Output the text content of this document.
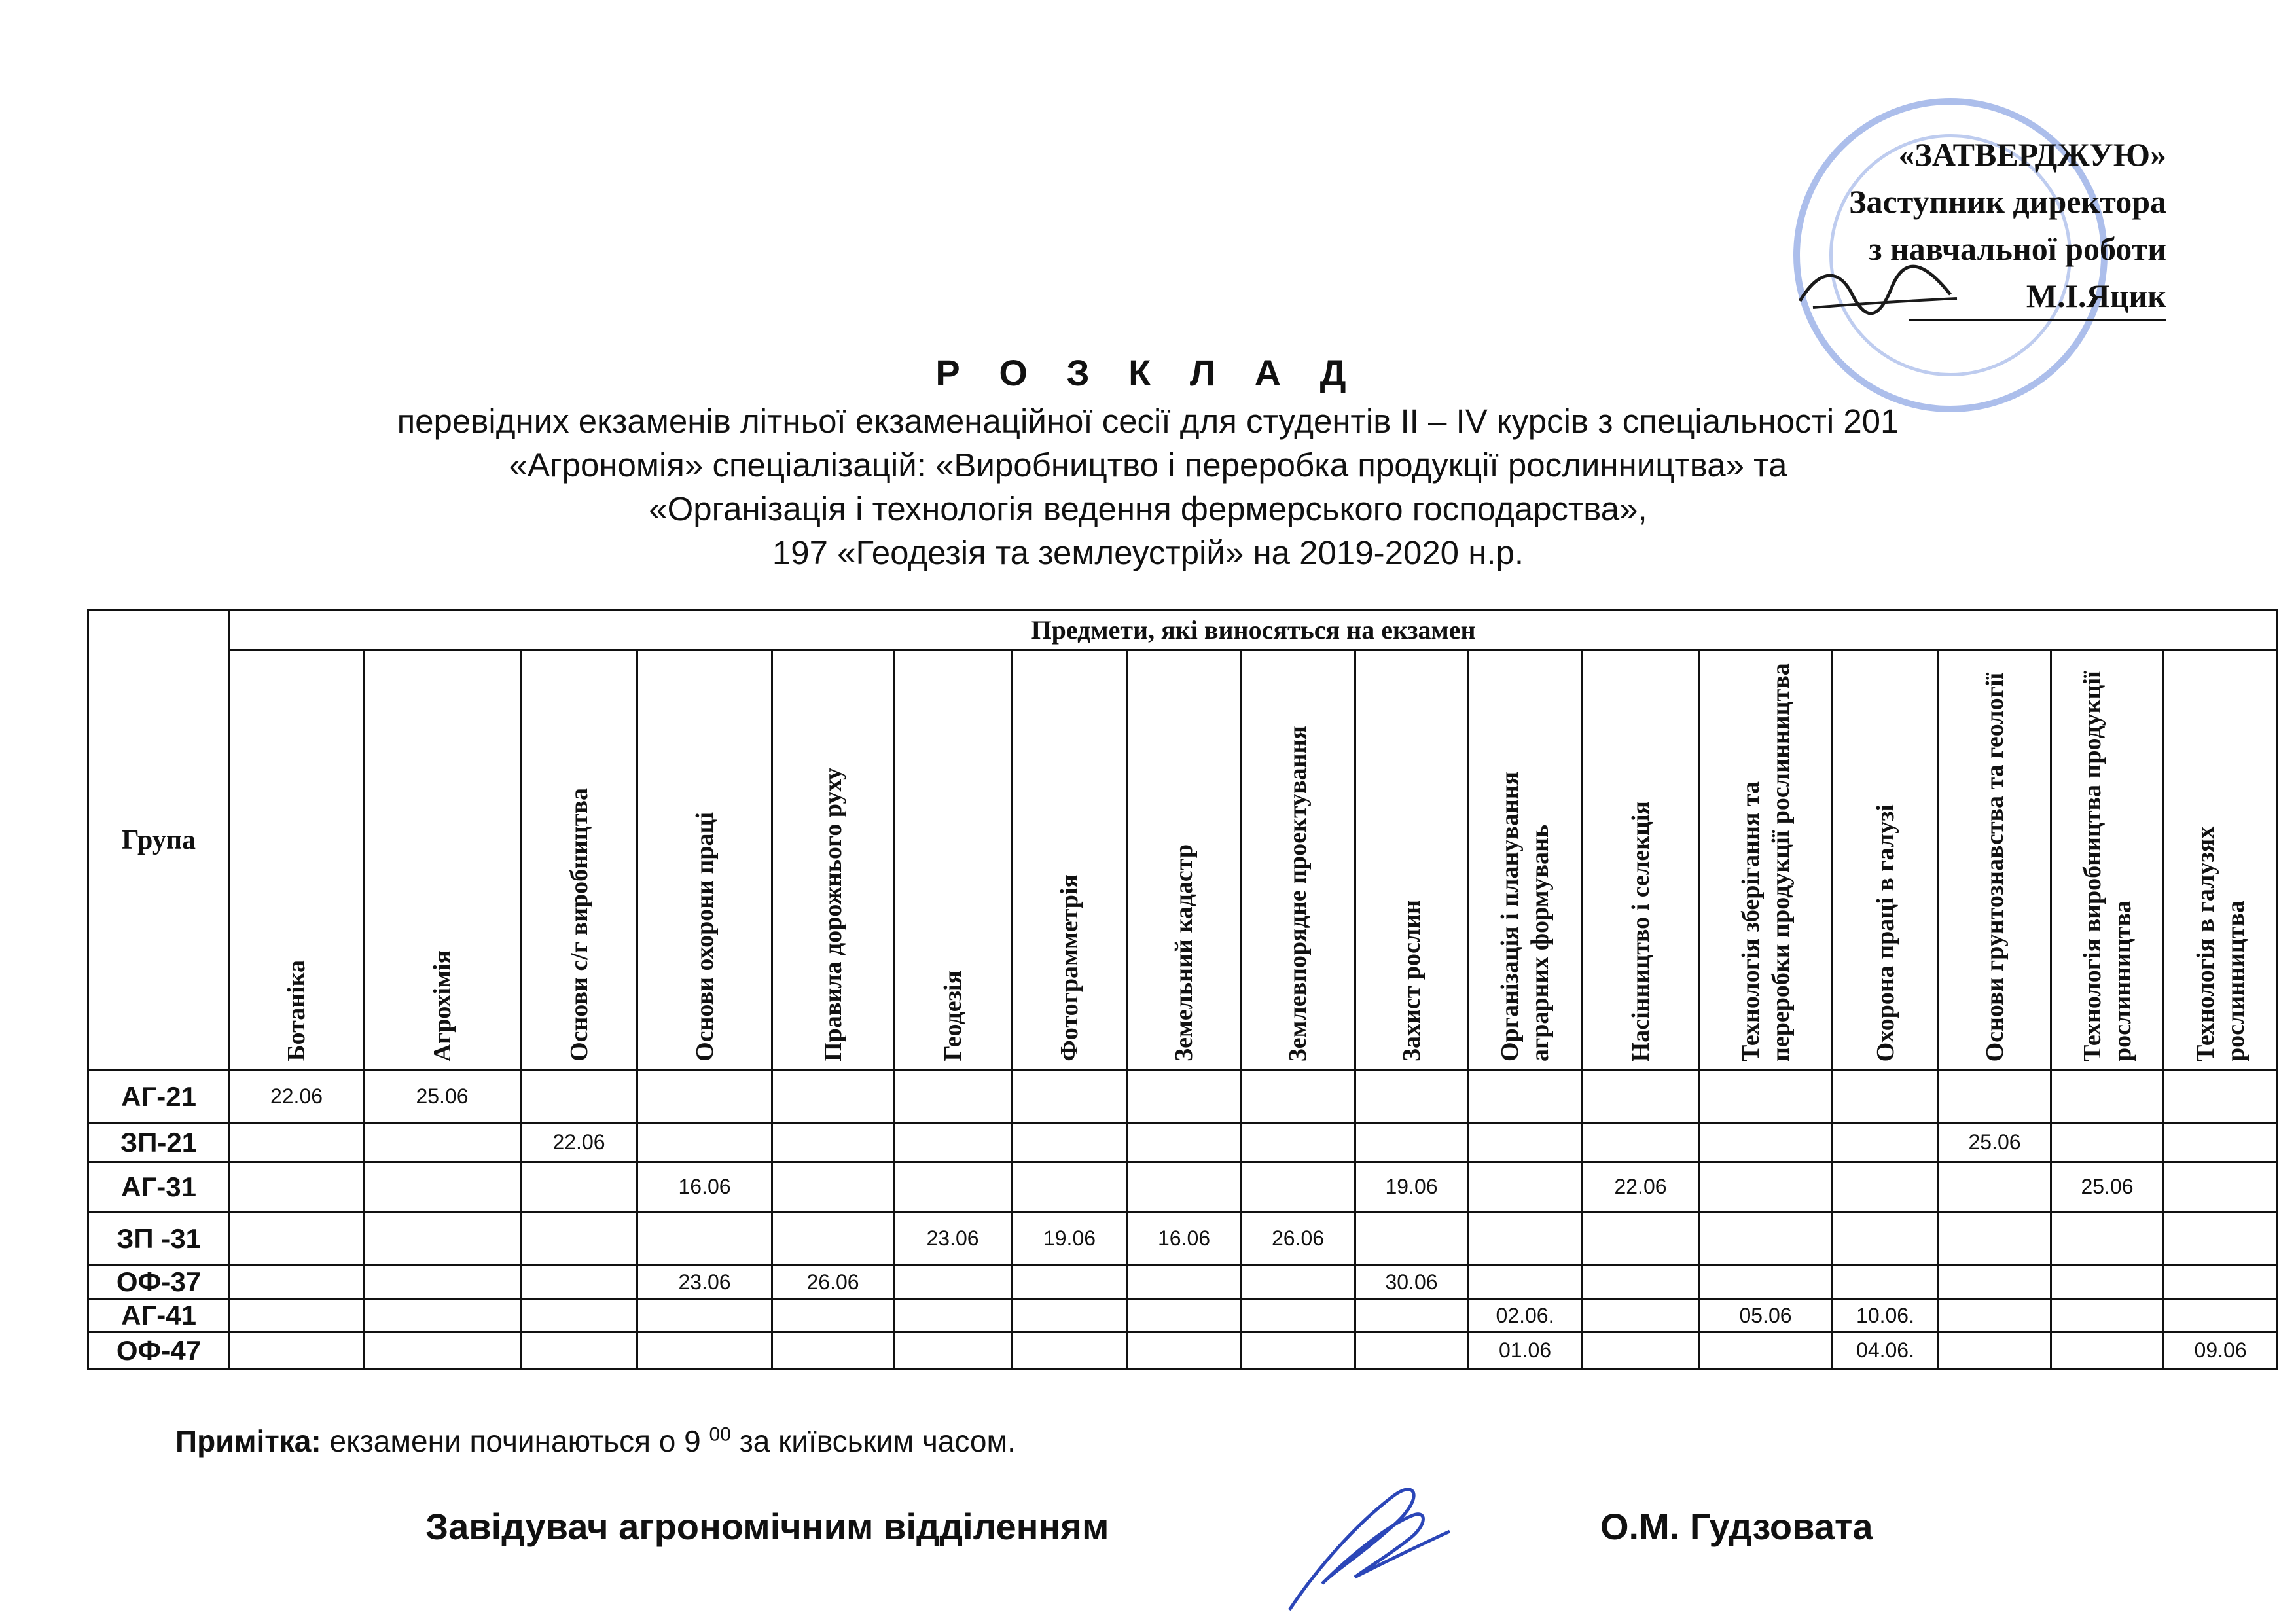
«ЗАТВЕРДЖУЮ»
Заступник директора
з навчальної роботи
М.І.Яцик
Р О З К Л А Д
перевідних екзаменів літньої екзаменаційної сесії для студентів ІІ – ІV курсів з спеціальності 201
«Агрономія» спеціалізацій: «Виробництво і переробка продукції рослинництва» та
«Організація і технологія ведення фермерського господарства»,
197 «Геодезія та землеустрій» на 2019-2020 н.р.
Група	Предмети, які виносяться на екзамен																

	Ботаніка	Агрохімія	Основи с/г виробництва	Основи охорони праці	Правила дорожнього руху	Геодезія	Фотограмметрія	Земельний кадастр	Землевпорядне проектування	Захист рослин	Організація і планування аграрних формувань	Насінництво і селекція	Технологія зберігання та переробки продукції рослинництва	Охорона праці в галузі	Основи грунтознавства та геології	Технологія виробництва продукції рослинництва	Технологія в галузях рослинництва

АГ-21	22.06	25.06															
ЗП-21			22.06												25.06		
АГ-31				16.06						19.06		22.06				25.06	
ЗП -31						23.06	19.06	16.06	26.06								
ОФ-37				23.06	26.06					30.06							
АГ-41											02.06.		05.06	10.06.			
ОФ-47											01.06			04.06.			09.06
Примітка: екзамени починаються о 9 $^{00}$ за київським часом.
Завідувач агрономічним відділенням	О.М. Гудзовата
